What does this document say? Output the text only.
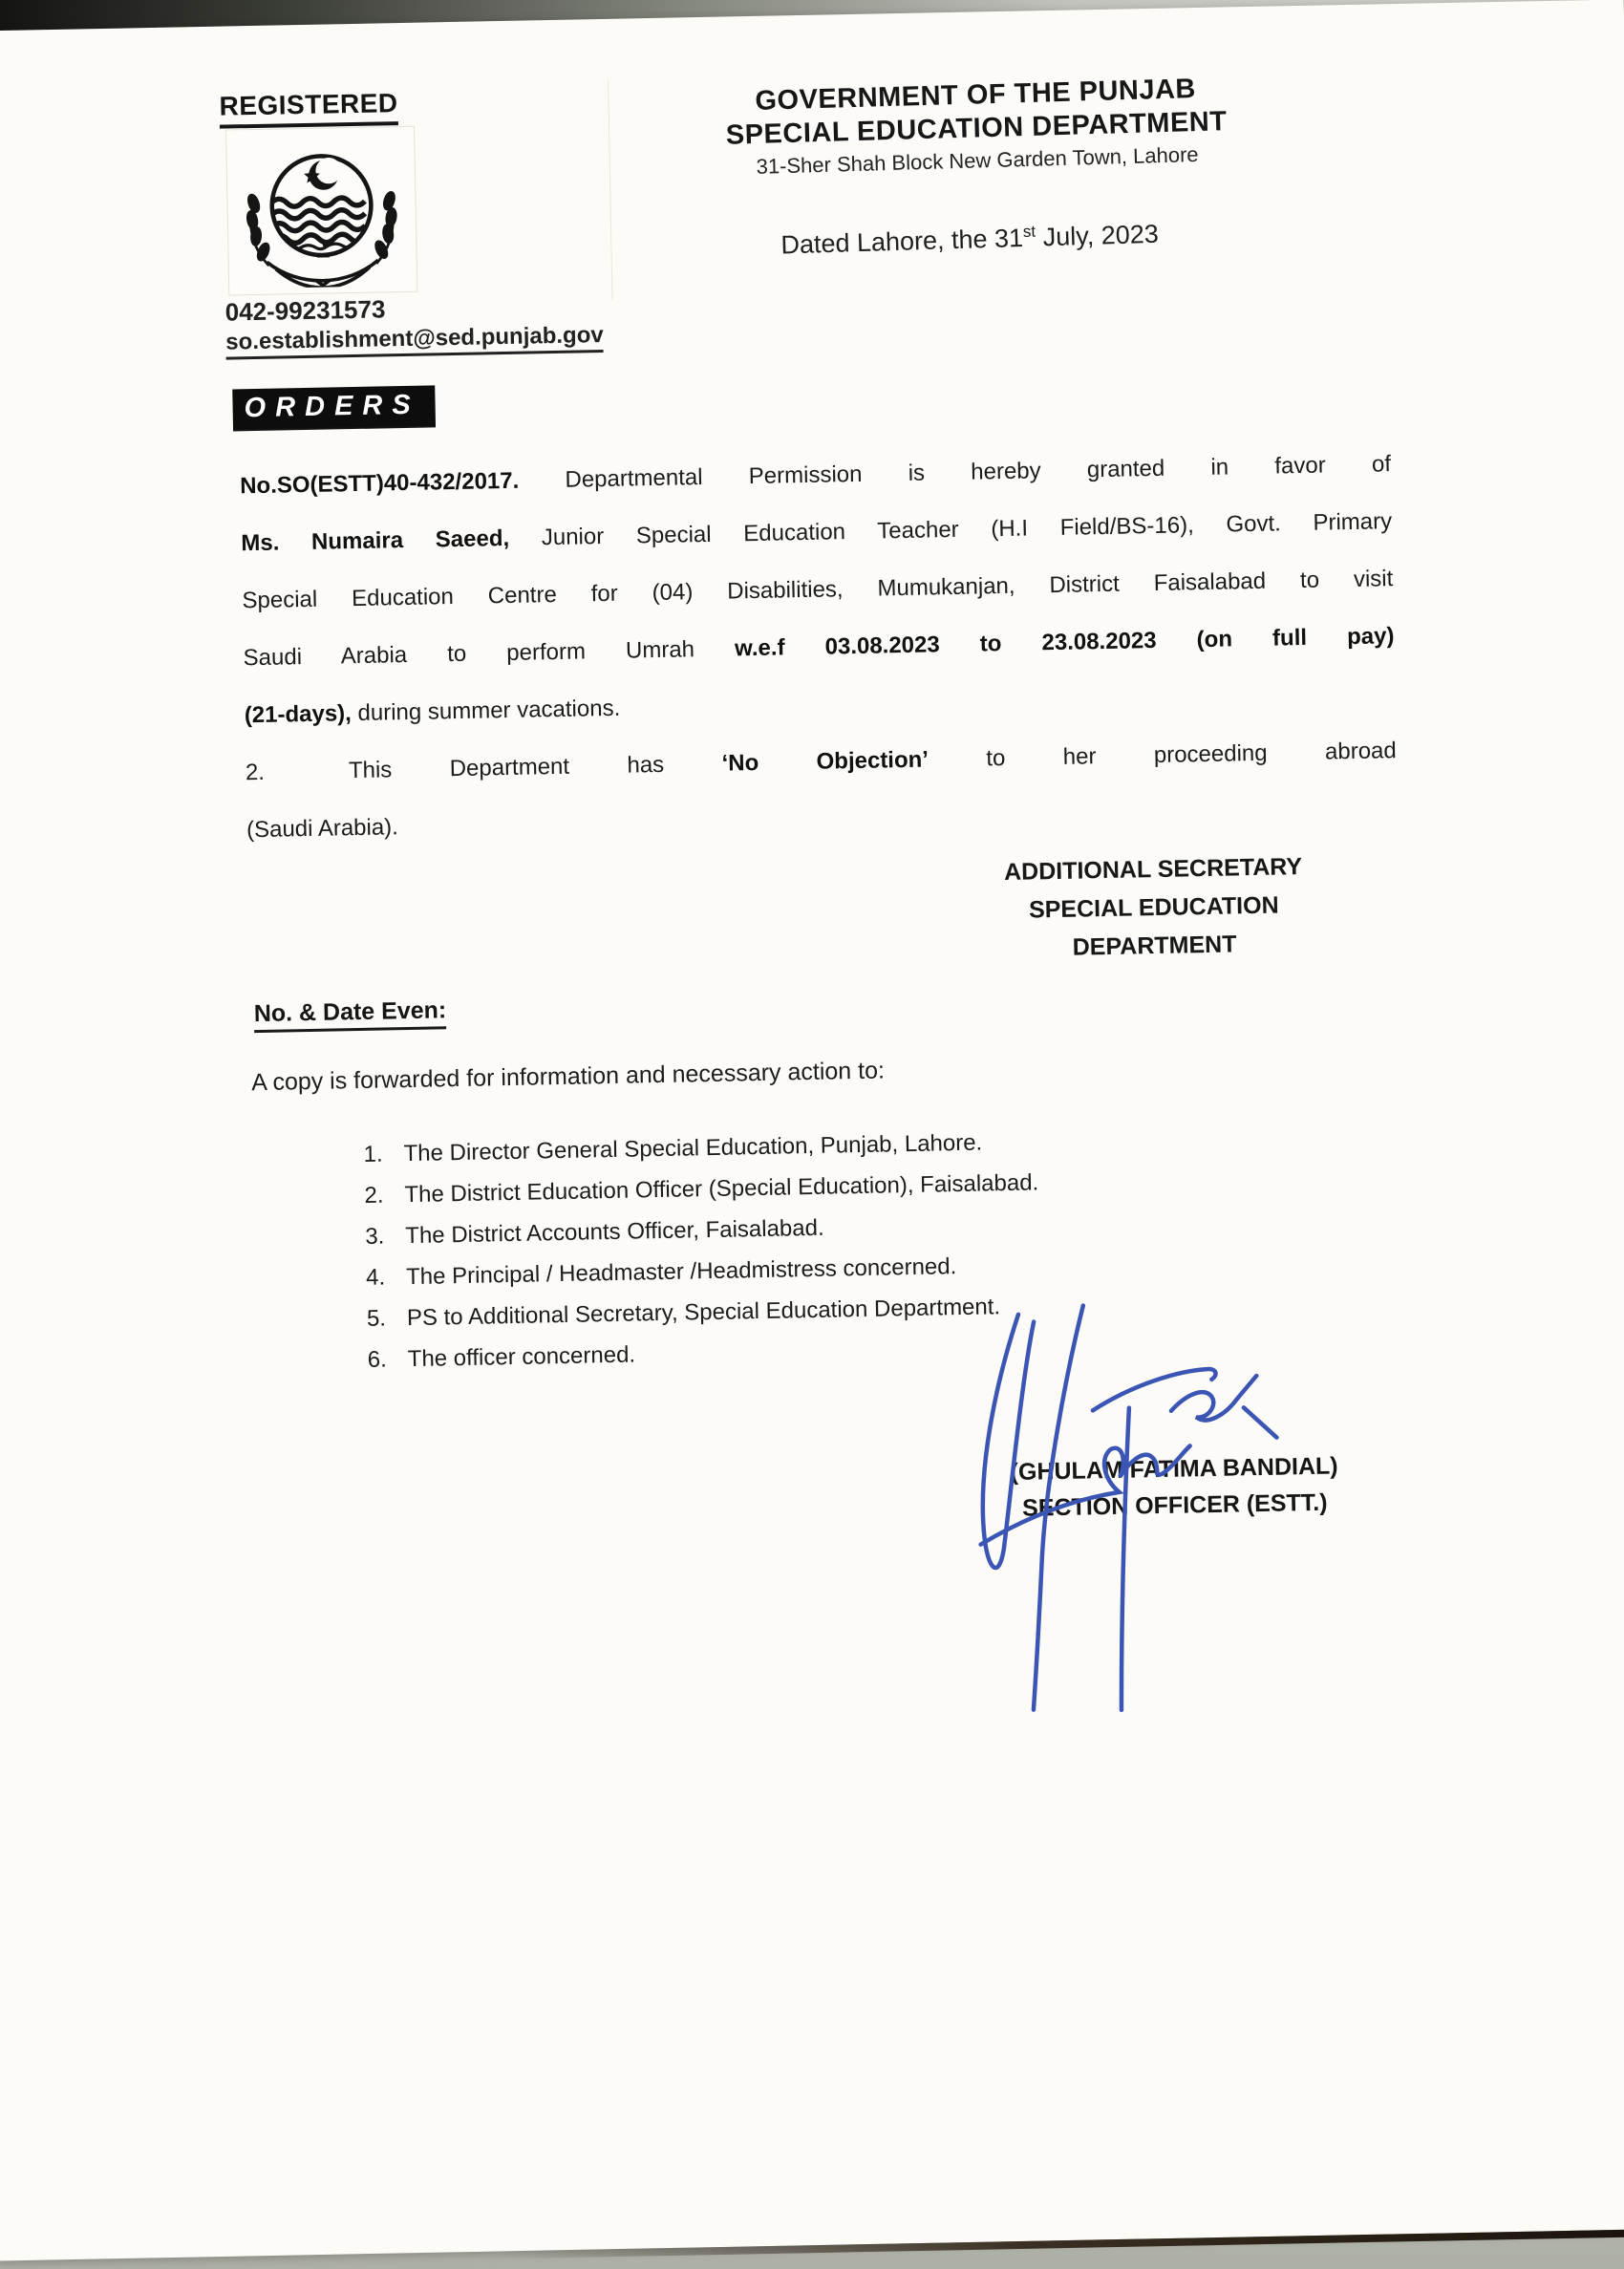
REGISTERED
042-99231573
so.establishment@sed.punjab.gov
GOVERNMENT OF THE PUNJAB
SPECIAL EDUCATION DEPARTMENT
31-Sher Shah Block New Garden Town, Lahore
Dated Lahore, the 31st July, 2023
ORDERS
No.SO(ESTT)40-432/2017. Departmental Permission is hereby granted in favor of
Ms. Numaira Saeed, Junior Special Education Teacher (H.I Field/BS-16), Govt. Primary
Special Education Centre for (04) Disabilities, Mumukanjan, District Faisalabad to visit
Saudi Arabia to perform Umrah w.e.f 03.08.2023 to 23.08.2023 (on full pay)
(21-days), during summer vacations.
2.	This Department has ‘No Objection’ to her proceeding abroad
(Saudi Arabia).
ADDITIONAL SECRETARY
SPECIAL EDUCATION
DEPARTMENT
No. & Date Even:
A copy is forwarded for information and necessary action to:
1. The Director General Special Education, Punjab, Lahore.
2. The District Education Officer (Special Education), Faisalabad.
3. The District Accounts Officer, Faisalabad.
4. The Principal / Headmaster /Headmistress concerned.
5. PS to Additional Secretary, Special Education Department.
6. The officer concerned.
(GHULAM FATIMA BANDIAL)
SECTION OFFICER (ESTT.)
